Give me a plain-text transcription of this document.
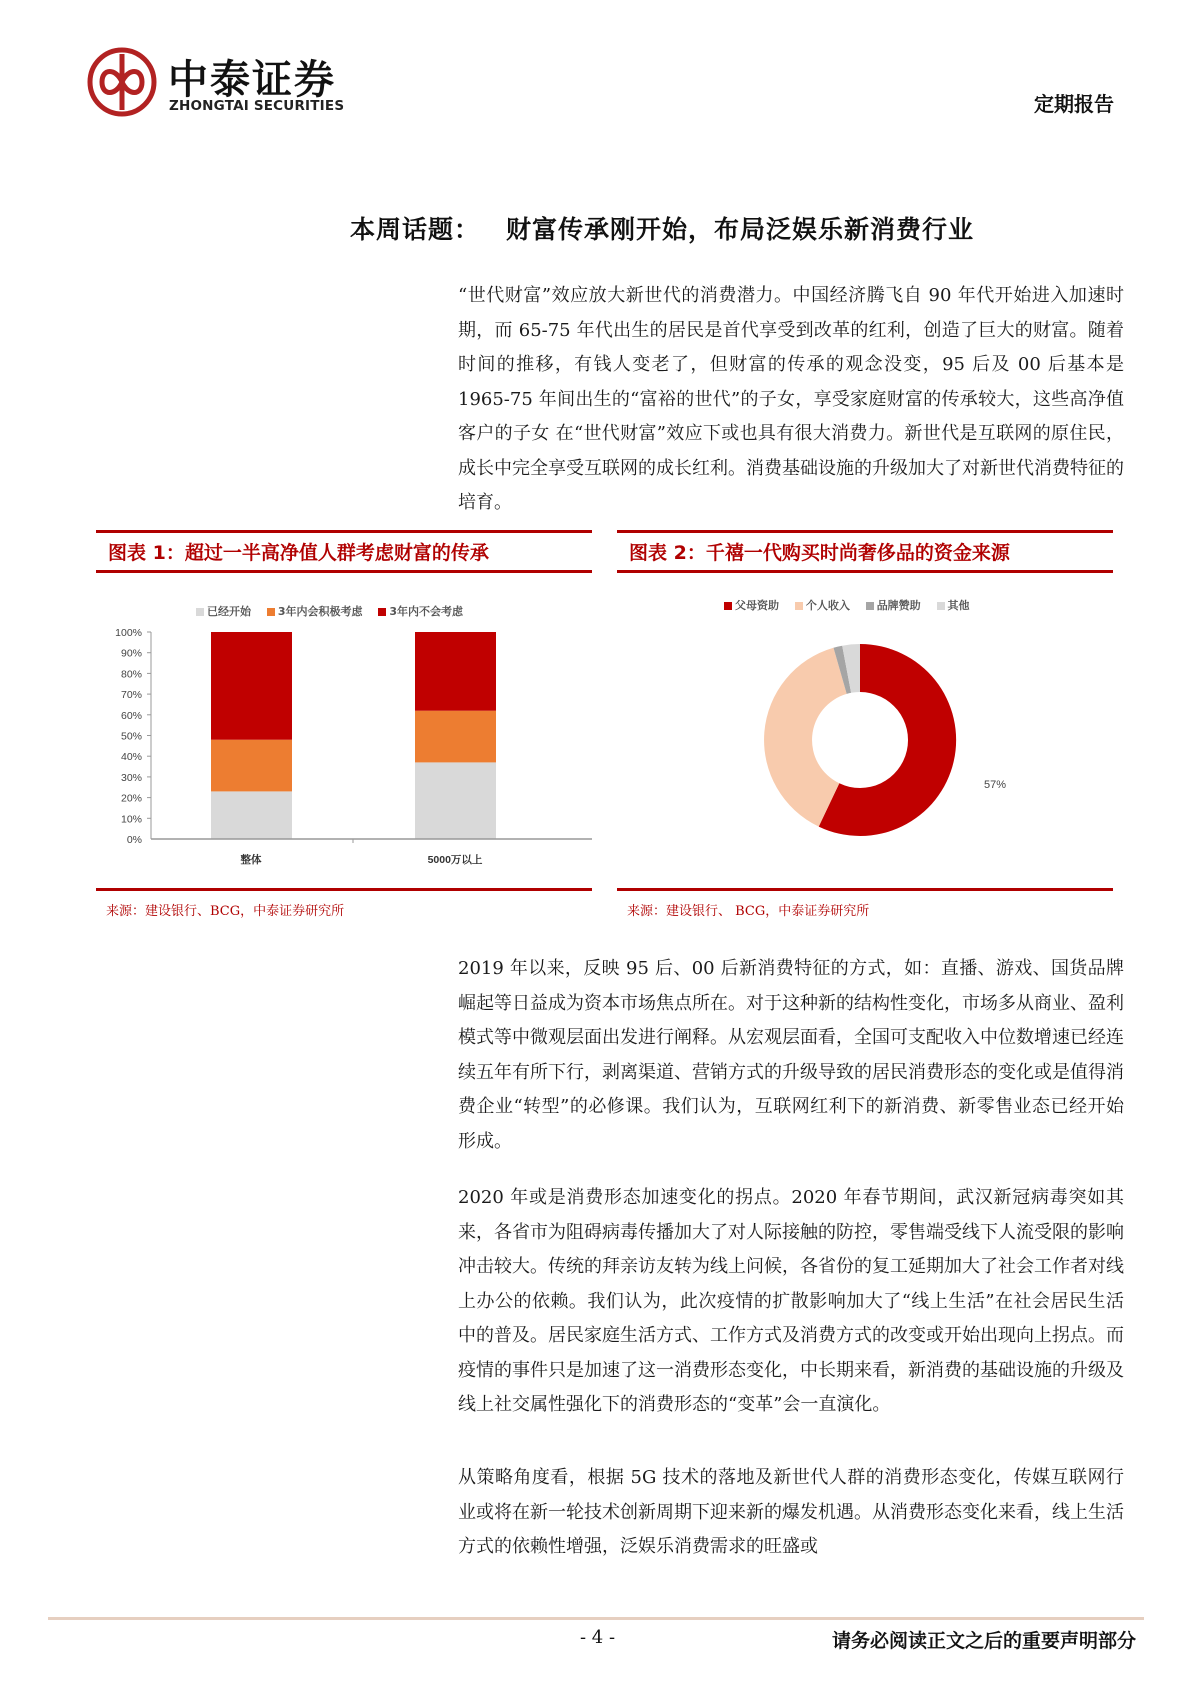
中泰证券
ZHONGTAI SECURITIES	定期报告
本周话题： 财富传承刚开始，布局泛娱乐新消费行业

“世代财富”效应放大新世代的消费潜力。中国经济腾飞自 90 年代开始进入加速时期，而 65-75 年代出生的居民是首代享受到改革的红利，创造了巨大的财富。随着时间的推移，有钱人变老了，但财富的传承的观念没变，95 后及 00 后基本是 1965-75 年间出生的“富裕的世代”的子女，享受家庭财富的传承较大，这些高净值客户的子女 在“世代财富”效应下或也具有很大消费力。新世代是互联网的原住民，成长中完全享受互联网的成长红利。消费基础设施的升级加大了对新世代消费特征的培育。

图表 1：超过一半高净值人群考虑财富的传承
已经开始 3年内会积极考虑 3年内不会考虑
0%
10%
20%
30%
40%
50%
60%
70%
80%
90%
100%
整体	5000万以上
来源：建设银行、BCG，中泰证券研究所
图表 2：千禧一代购买时尚奢侈品的资金来源
父母资助 个人收入 品牌赞助 其他
57%
来源：建设银行、 BCG，中泰证券研究所

2019 年以来，反映 95 后、00 后新消费特征的方式，如：直播、游戏、国货品牌崛起等日益成为资本市场焦点所在。对于这种新的结构性变化，市场多从商业、盈利模式等中微观层面出发进行阐释。从宏观层面看，全国可支配收入中位数增速已经连续五年有所下行，剥离渠道、营销方式的升级导致的居民消费形态的变化或是值得消费企业“转型”的必修课。我们认为，互联网红利下的新消费、新零售业态已经开始形成。

2020 年或是消费形态加速变化的拐点。2020 年春节期间，武汉新冠病毒突如其来，各省市为阻碍病毒传播加大了对人际接触的防控，零售端受线下人流受限的影响冲击较大。传统的拜亲访友转为线上问候，各省份的复工延期加大了社会工作者对线上办公的依赖。我们认为，此次疫情的扩散影响加大了“线上生活”在社会居民生活中的普及。居民家庭生活方式、工作方式及消费方式的改变或开始出现向上拐点。而疫情的事件只是加速了这一消费形态变化，中长期来看，新消费的基础设施的升级及线上社交属性强化下的消费形态的“变革”会一直演化。

从策略角度看，根据 5G 技术的落地及新世代人群的消费形态变化，传媒互联网行业或将在新一轮技术创新周期下迎来新的爆发机遇。从消费形态变化来看，线上生活方式的依赖性增强，泛娱乐消费需求的旺盛或

- 4 -	请务必阅读正文之后的重要声明部分
